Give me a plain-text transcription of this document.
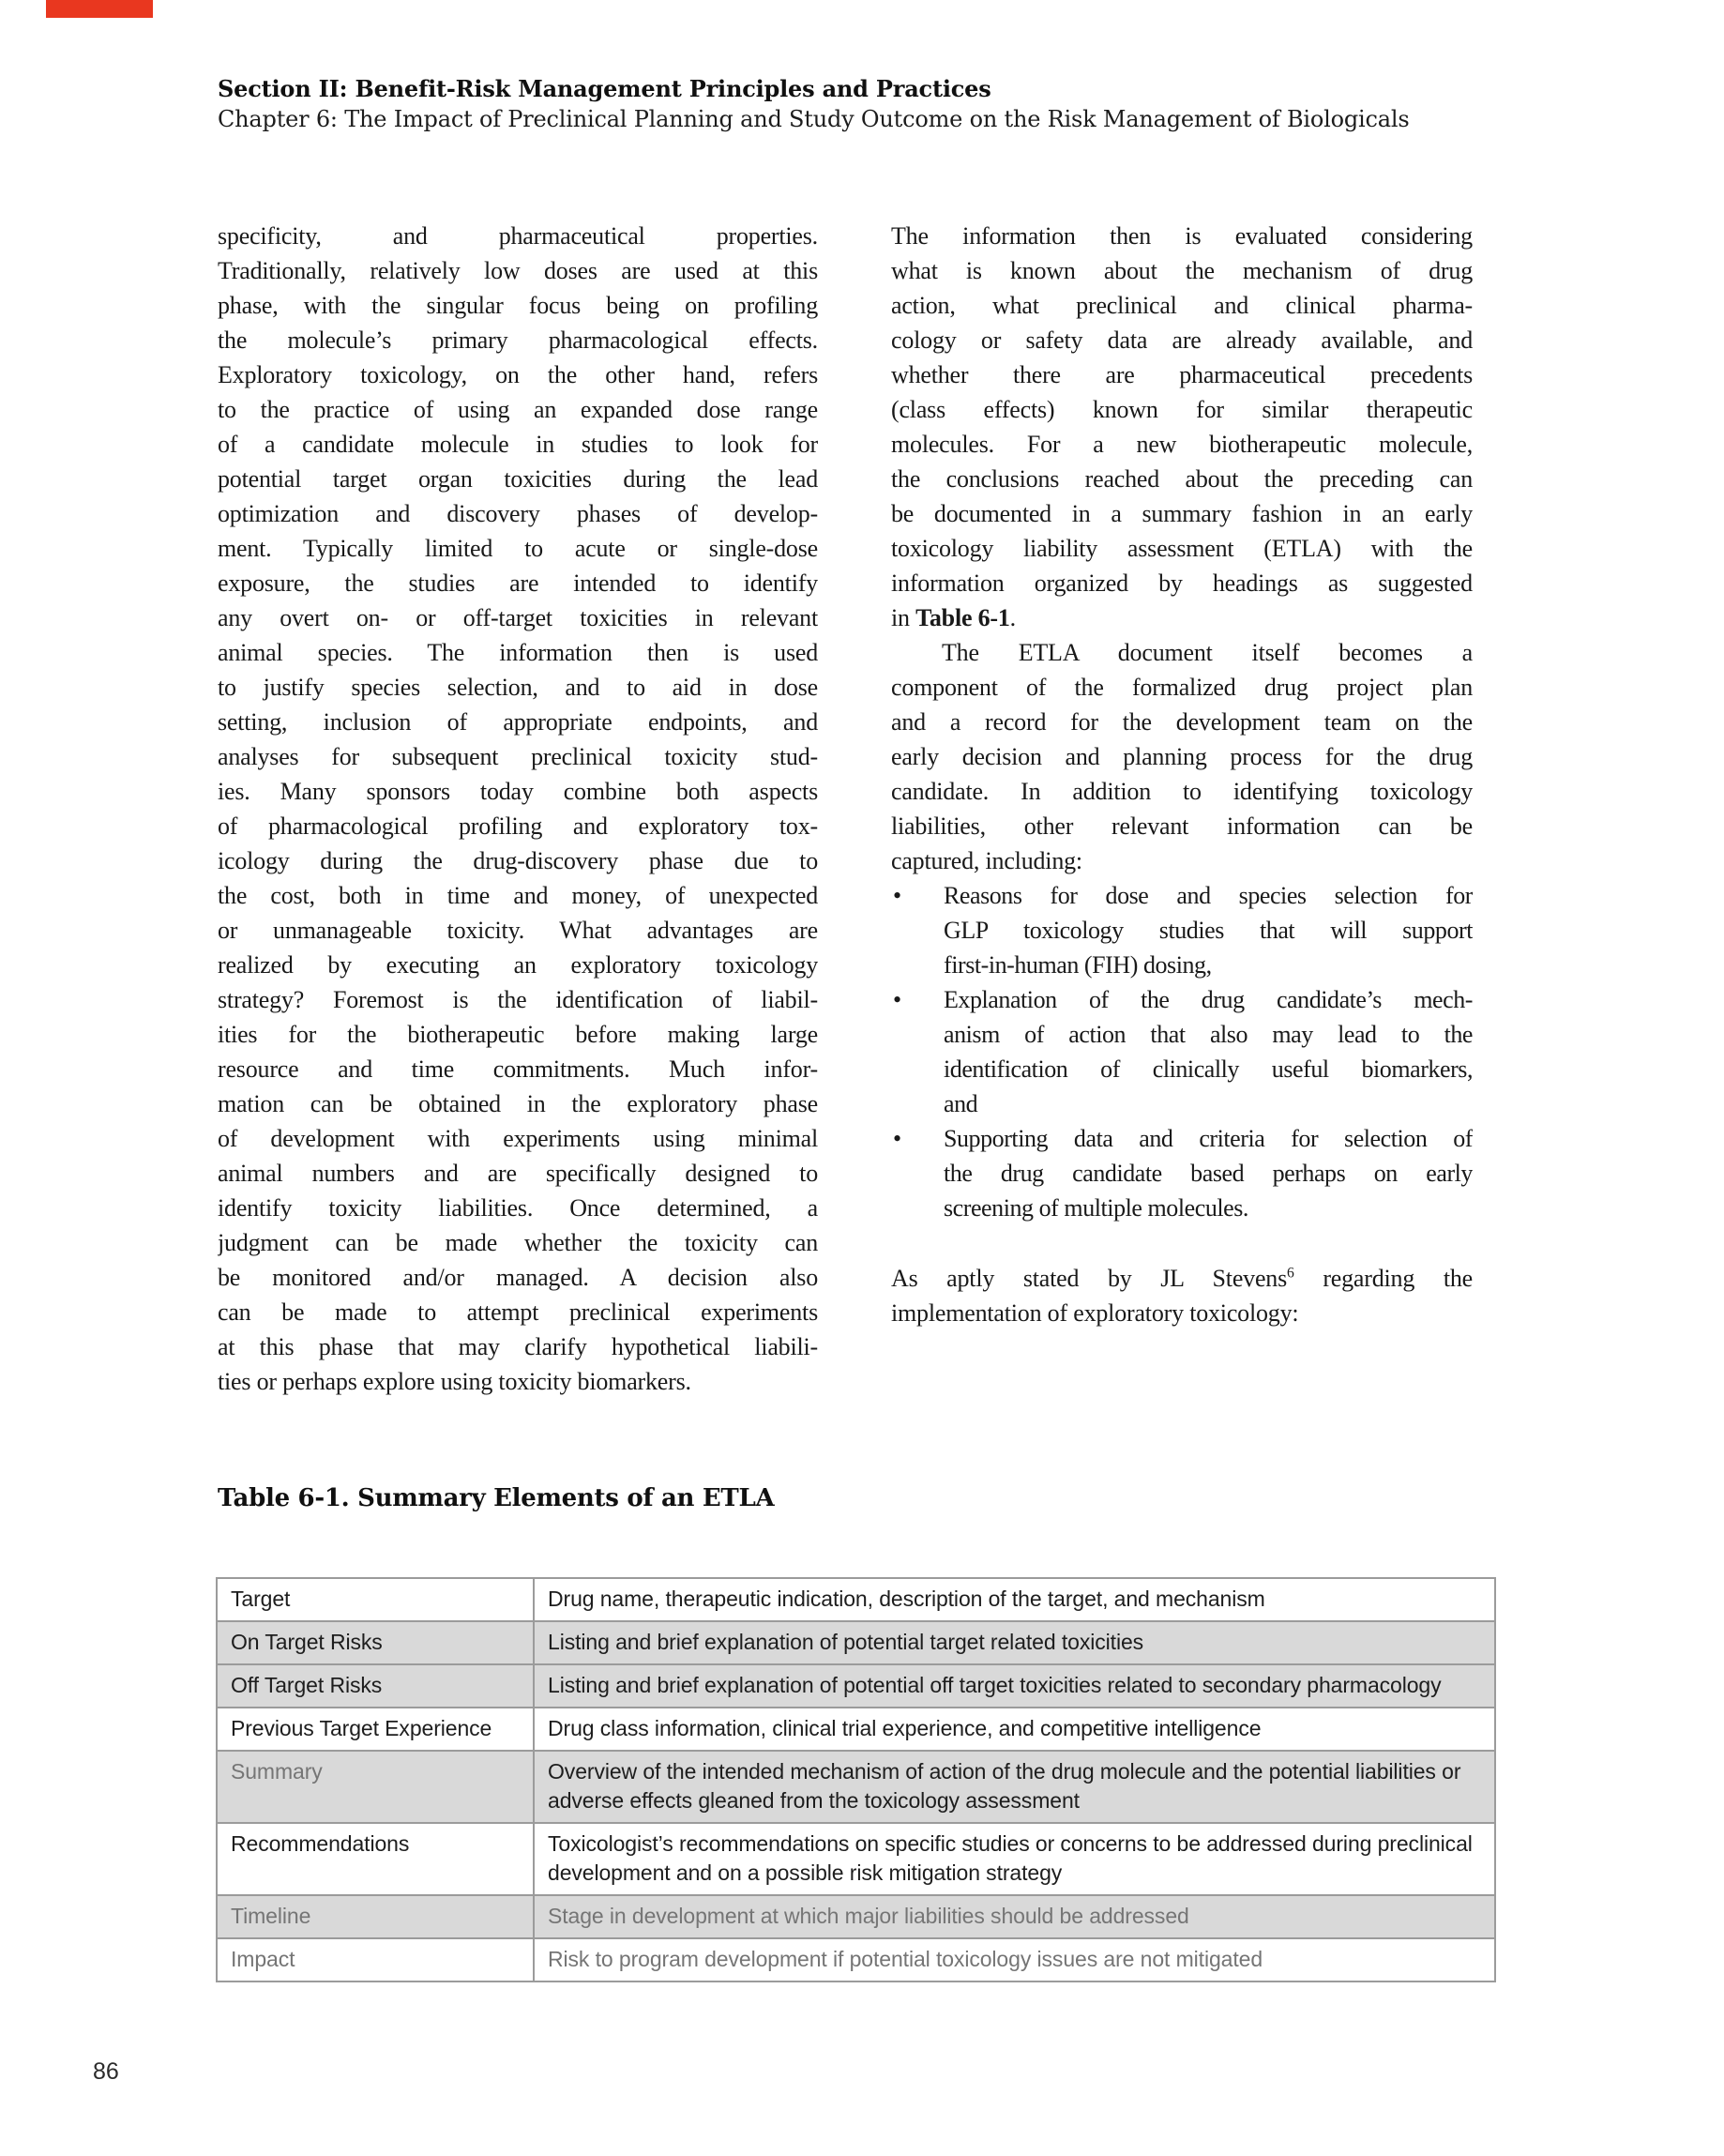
Section II: Benefit-Risk Management Principles and Practices
Chapter 6: The Impact of Preclinical Planning and Study Outcome on the Risk Management of Biologicals
specificity, and pharmaceutical properties.
Traditionally, relatively low doses are used at this
phase, with the singular focus being on profiling
the molecule’s primary pharmacological effects.
Exploratory toxicology, on the other hand, refers
to the practice of using an expanded dose range
of a candidate molecule in studies to look for
potential target organ toxicities during the lead
optimization and discovery phases of develop-
ment. Typically limited to acute or single-dose
exposure, the studies are intended to identify
any overt on- or off-target toxicities in relevant
animal species. The information then is used
to justify species selection, and to aid in dose
setting, inclusion of appropriate endpoints, and
analyses for subsequent preclinical toxicity stud-
ies. Many sponsors today combine both aspects
of pharmacological profiling and exploratory tox-
icology during the drug-discovery phase due to
the cost, both in time and money, of unexpected
or unmanageable toxicity. What advantages are
realized by executing an exploratory toxicology
strategy? Foremost is the identification of liabil-
ities for the biotherapeutic before making large
resource and time commitments. Much infor-
mation can be obtained in the exploratory phase
of development with experiments using minimal
animal numbers and are specifically designed to
identify toxicity liabilities. Once determined, a
judgment can be made whether the toxicity can
be monitored and/or managed. A decision also
can be made to attempt preclinical experiments
at this phase that may clarify hypothetical liabili-
ties or perhaps explore using toxicity biomarkers.
The information then is evaluated considering
what is known about the mechanism of drug
action, what preclinical and clinical pharma-
cology or safety data are already available, and
whether there are pharmaceutical precedents
(class effects) known for similar therapeutic
molecules. For a new biotherapeutic molecule,
the conclusions reached about the preceding can
be documented in a summary fashion in an early
toxicology liability assessment (ETLA) with the
information organized by headings as suggested
in Table 6-1.
The ETLA document itself becomes a
component of the formalized drug project plan
and a record for the development team on the
early decision and planning process for the drug
candidate. In addition to identifying toxicology
liabilities, other relevant information can be
captured, including:
• Reasons for dose and species selection for
GLP toxicology studies that will support
first-in-human (FIH) dosing,
• Explanation of the drug candidate’s mech-
anism of action that also may lead to the
identification of clinically useful biomarkers,
and
• Supporting data and criteria for selection of
the drug candidate based perhaps on early
screening of multiple molecules.
As aptly stated by JL Stevens$^6$ regarding the
implementation of exploratory toxicology:
Table 6-1. Summary Elements of an ETLA
Target	Drug name, therapeutic indication, description of the target, and mechanism
On Target Risks	Listing and brief explanation of potential target related toxicities
Off Target Risks	Listing and brief explanation of potential off target toxicities related to secondary pharmacology
Previous Target Experience	Drug class information, clinical trial experience, and competitive intelligence
Summary	Overview of the intended mechanism of action of the drug molecule and the potential liabilities or adverse effects gleaned from the toxicology assessment
Recommendations	Toxicologist’s recommendations on specific studies or concerns to be addressed during preclinical development and on a possible risk mitigation strategy
Timeline	Stage in development at which major liabilities should be addressed
Impact	Risk to program development if potential toxicology issues are not mitigated
86
